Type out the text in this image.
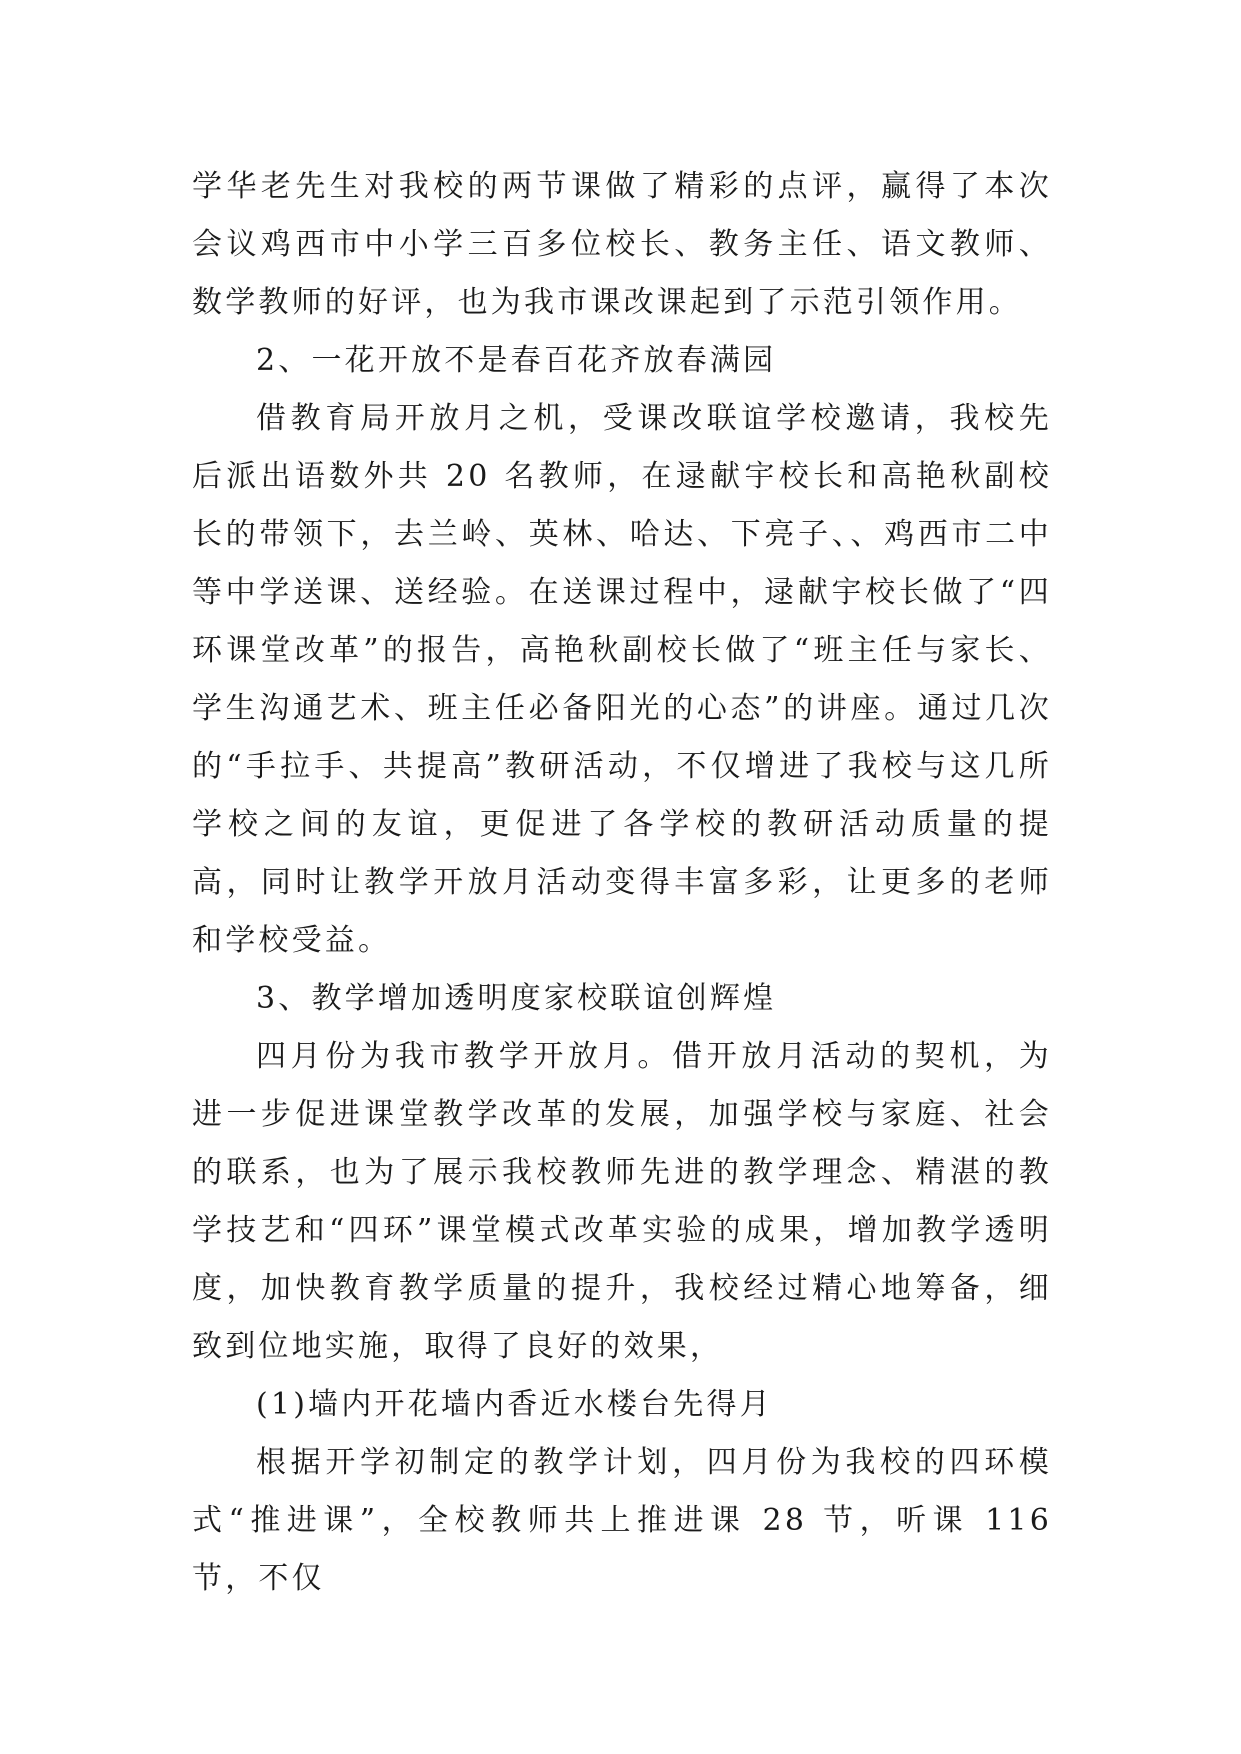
学华老先生对我校的两节课做了精彩的点评，赢得了本次会议鸡西市中小学三百多位校长、教务主任、语文教师、数学教师的好评，也为我市课改课起到了示范引领作用。

2、一花开放不是春百花齐放春满园

借教育局开放月之机，受课改联谊学校邀请，我校先后派出语数外共 20 名教师，在逯献宇校长和高艳秋副校长的带领下，去兰岭、英林、哈达、下亮子、、鸡西市二中等中学送课、送经验。在送课过程中，逯献宇校长做了“四环课堂改革”的报告，高艳秋副校长做了“班主任与家长、学生沟通艺术、班主任必备阳光的心态”的讲座。通过几次的“手拉手、共提高”教研活动，不仅增进了我校与这几所学校之间的友谊，更促进了各学校的教研活动质量的提高，同时让教学开放月活动变得丰富多彩，让更多的老师和学校受益。

3、教学增加透明度家校联谊创辉煌

四月份为我市教学开放月。借开放月活动的契机，为进一步促进课堂教学改革的发展，加强学校与家庭、社会的联系，也为了展示我校教师先进的教学理念、精湛的教学技艺和“四环”课堂模式改革实验的成果，增加教学透明度，加快教育教学质量的提升，我校经过精心地筹备，细致到位地实施，取得了良好的效果，

(1)墙内开花墙内香近水楼台先得月

根据开学初制定的教学计划，四月份为我校的四环模式“推进课”，全校教师共上推进课 28 节，听课 116 节，不仅
